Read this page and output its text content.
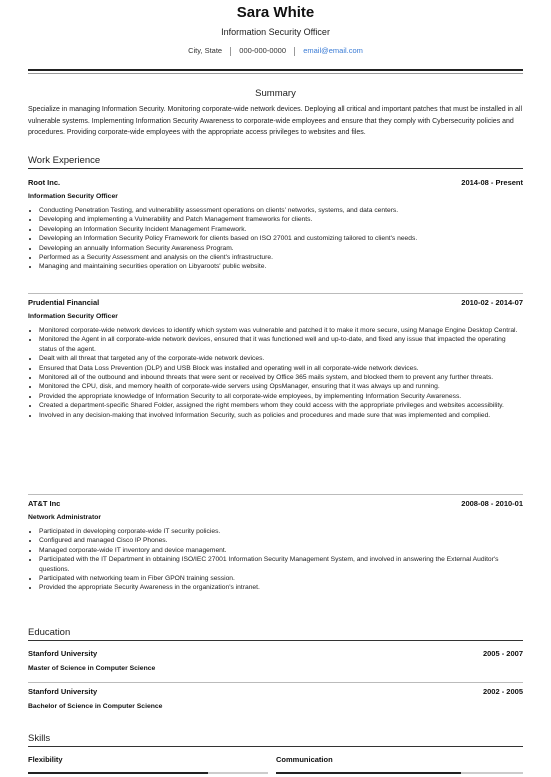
Sara White
Information Security Officer
City, State 000-000-0000 email@email.com
Summary
Specialize in managing Information Security. Monitoring corporate-wide network devices. Deploying all critical and important patches that must be installed in all vulnerable systems. Implementing Information Security Awareness to corporate-wide employees and ensure that they comply with Cybersecurity policies and procedures. Providing corporate-wide employees with the appropriate access privileges to websites and files.
Work Experience
Root Inc.	2014-08 - Present
Information Security Officer
• Conducting Penetration Testing, and vulnerability assessment operations on clients' networks, systems, and data centers.
• Developing and implementing a Vulnerability and Patch Management frameworks for clients.
• Developing an Information Security Incident Management Framework.
• Developing an Information Security Policy Framework for clients based on ISO 27001 and customizing tailored to client's needs.
• Developing an annually Information Security Awareness Program.
• Performed as a Security Assessment and analysis on the client's infrastructure.
• Managing and maintaining securities operation on Libyaroots' public website.
Prudential Financial	2010-02 - 2014-07
Information Security Officer
• Monitored corporate-wide network devices to identify which system was vulnerable and patched it to make it more secure, using Manage Engine Desktop Central.
• Monitored the Agent in all corporate-wide network devices, ensured that it was functioned well and up-to-date, and fixed any issue that impacted the operating status of the agent.
• Dealt with all threat that targeted any of the corporate-wide network devices.
• Ensured that Data Loss Prevention (DLP) and USB Block was installed and operating well in all corporate-wide network devices.
• Monitored all of the outbound and inbound threats that were sent or received by Office 365 mails system, and blocked them to prevent any further threats.
• Monitored the CPU, disk, and memory health of corporate-wide servers using OpsManager, ensuring that it was always up and running.
• Provided the appropriate knowledge of Information Security to all corporate-wide employees, by implementing Information Security Awareness.
• Created a department-specific Shared Folder, assigned the right members whom they could access with the appropriate privileges and websites accessibility.
• Involved in any decision-making that involved Information Security, such as policies and procedures and made sure that was implemented and complied.
AT&T Inc	2008-08 - 2010-01
Network Administrator
• Participated in developing corporate-wide IT security policies.
• Configured and managed Cisco IP Phones.
• Managed corporate-wide IT inventory and device management.
• Participated with the IT Department in obtaining ISO/IEC 27001 Information Security Management System, and involved in answering the External Auditor's questions.
• Participated with networking team in Fiber GPON training session.
• Provided the appropriate Security Awareness in the organization's intranet.
Education
Stanford University	2005 - 2007
Master of Science in Computer Science
Stanford University	2002 - 2005
Bachelor of Science in Computer Science
Skills
Flexibility	Communication
